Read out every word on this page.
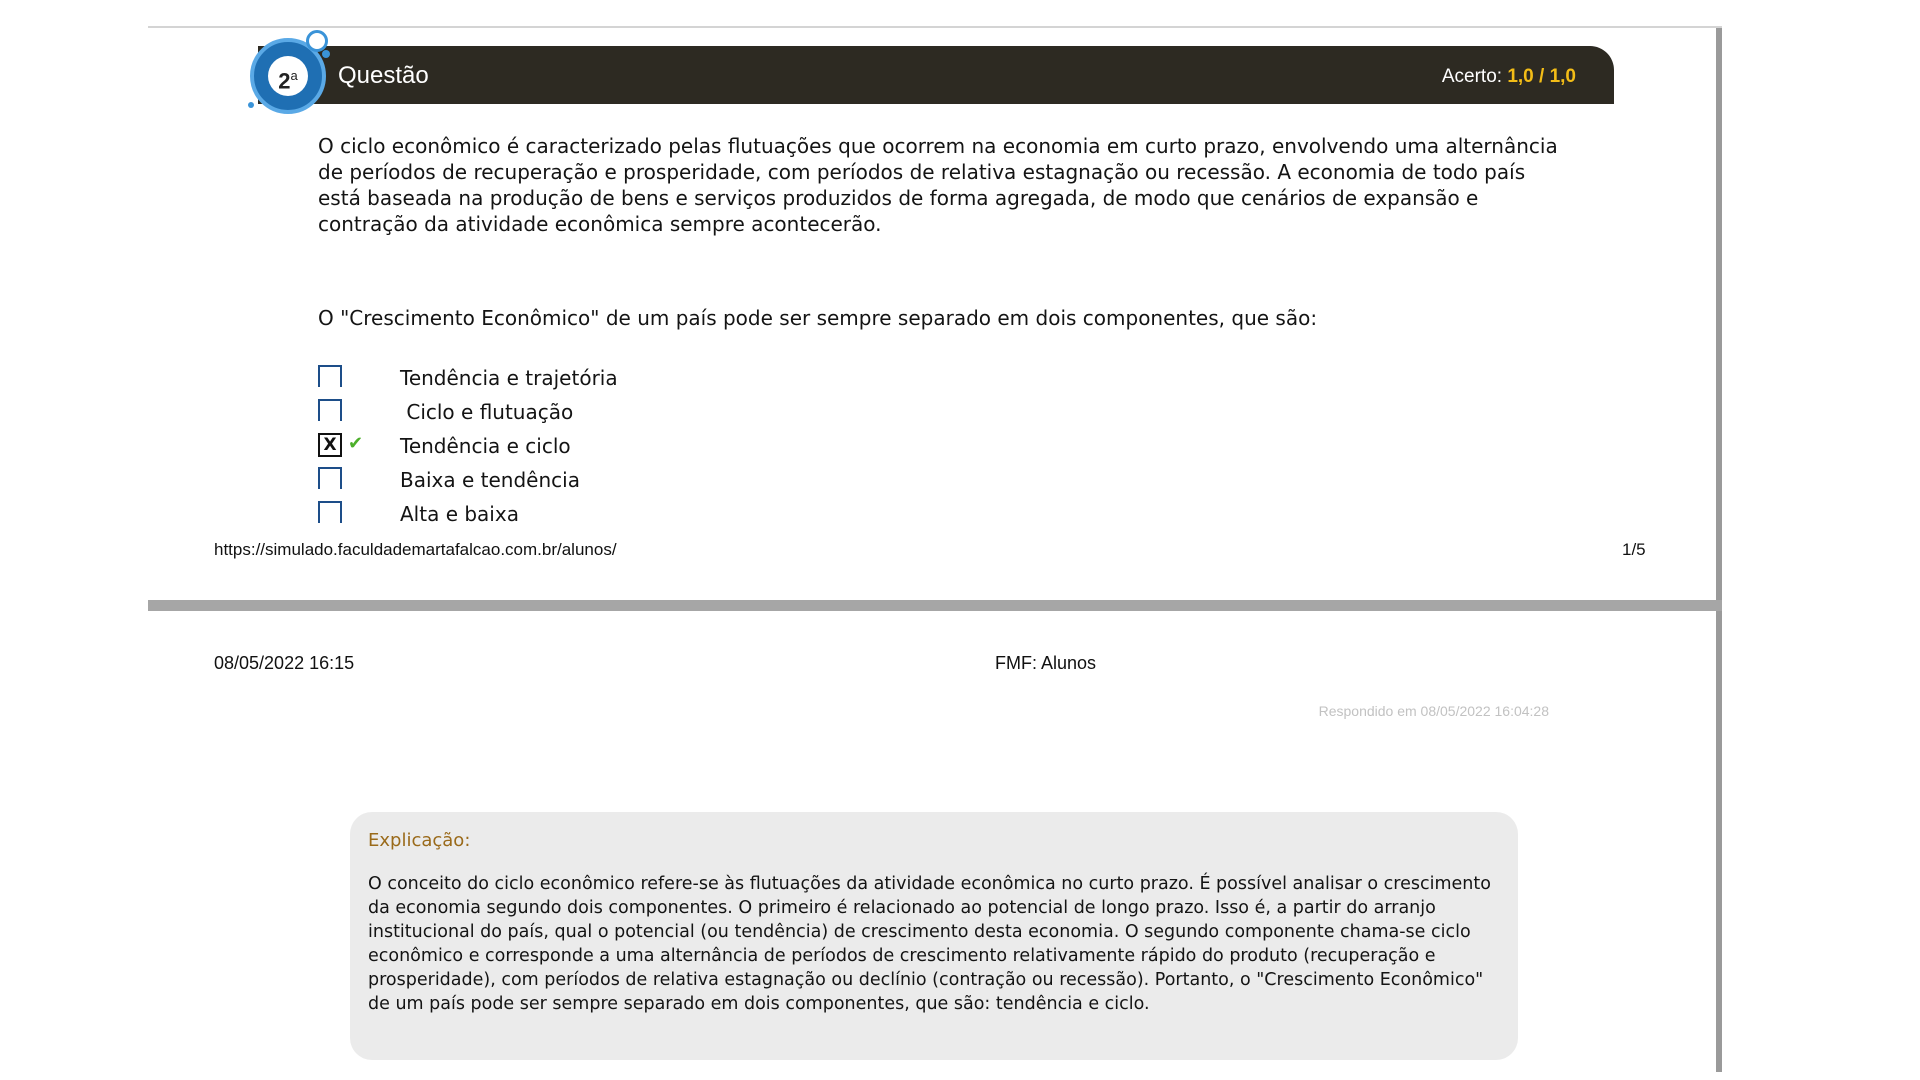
Questão	Acerto: 1,0 / 1,0
2$^a$
O ciclo econômico é caracterizado pelas flutuações que ocorrem na economia em curto prazo, envolvendo uma alternância de períodos de recuperação e prosperidade, com períodos de relativa estagnação ou recessão. A economia de todo país está baseada na produção de bens e serviços produzidos de forma agregada, de modo que cenários de expansão e contração da atividade econômica sempre acontecerão.
O "Crescimento Econômico" de um país pode ser sempre separado em dois componentes, que são:
Tendência e trajetória
Ciclo e flutuação
X ✔ Tendência e ciclo
Baixa e tendência
Alta e baixa
https://simulado.faculdademartafalcao.com.br/alunos/	1/5
08/05/2022 16:15	FMF: Alunos
Respondido em 08/05/2022 16:04:28
Explicação:
O conceito do ciclo econômico refere-se às flutuações da atividade econômica no curto prazo. É possível analisar o crescimento da economia segundo dois componentes. O primeiro é relacionado ao potencial de longo prazo. Isso é, a partir do arranjo institucional do país, qual o potencial (ou tendência) de crescimento desta economia. O segundo componente chama-se ciclo econômico e corresponde a uma alternância de períodos de crescimento relativamente rápido do produto (recuperação e prosperidade), com períodos de relativa estagnação ou declínio (contração ou recessão). Portanto, o "Crescimento Econômico" de um país pode ser sempre separado em dois componentes, que são: tendência e ciclo.
